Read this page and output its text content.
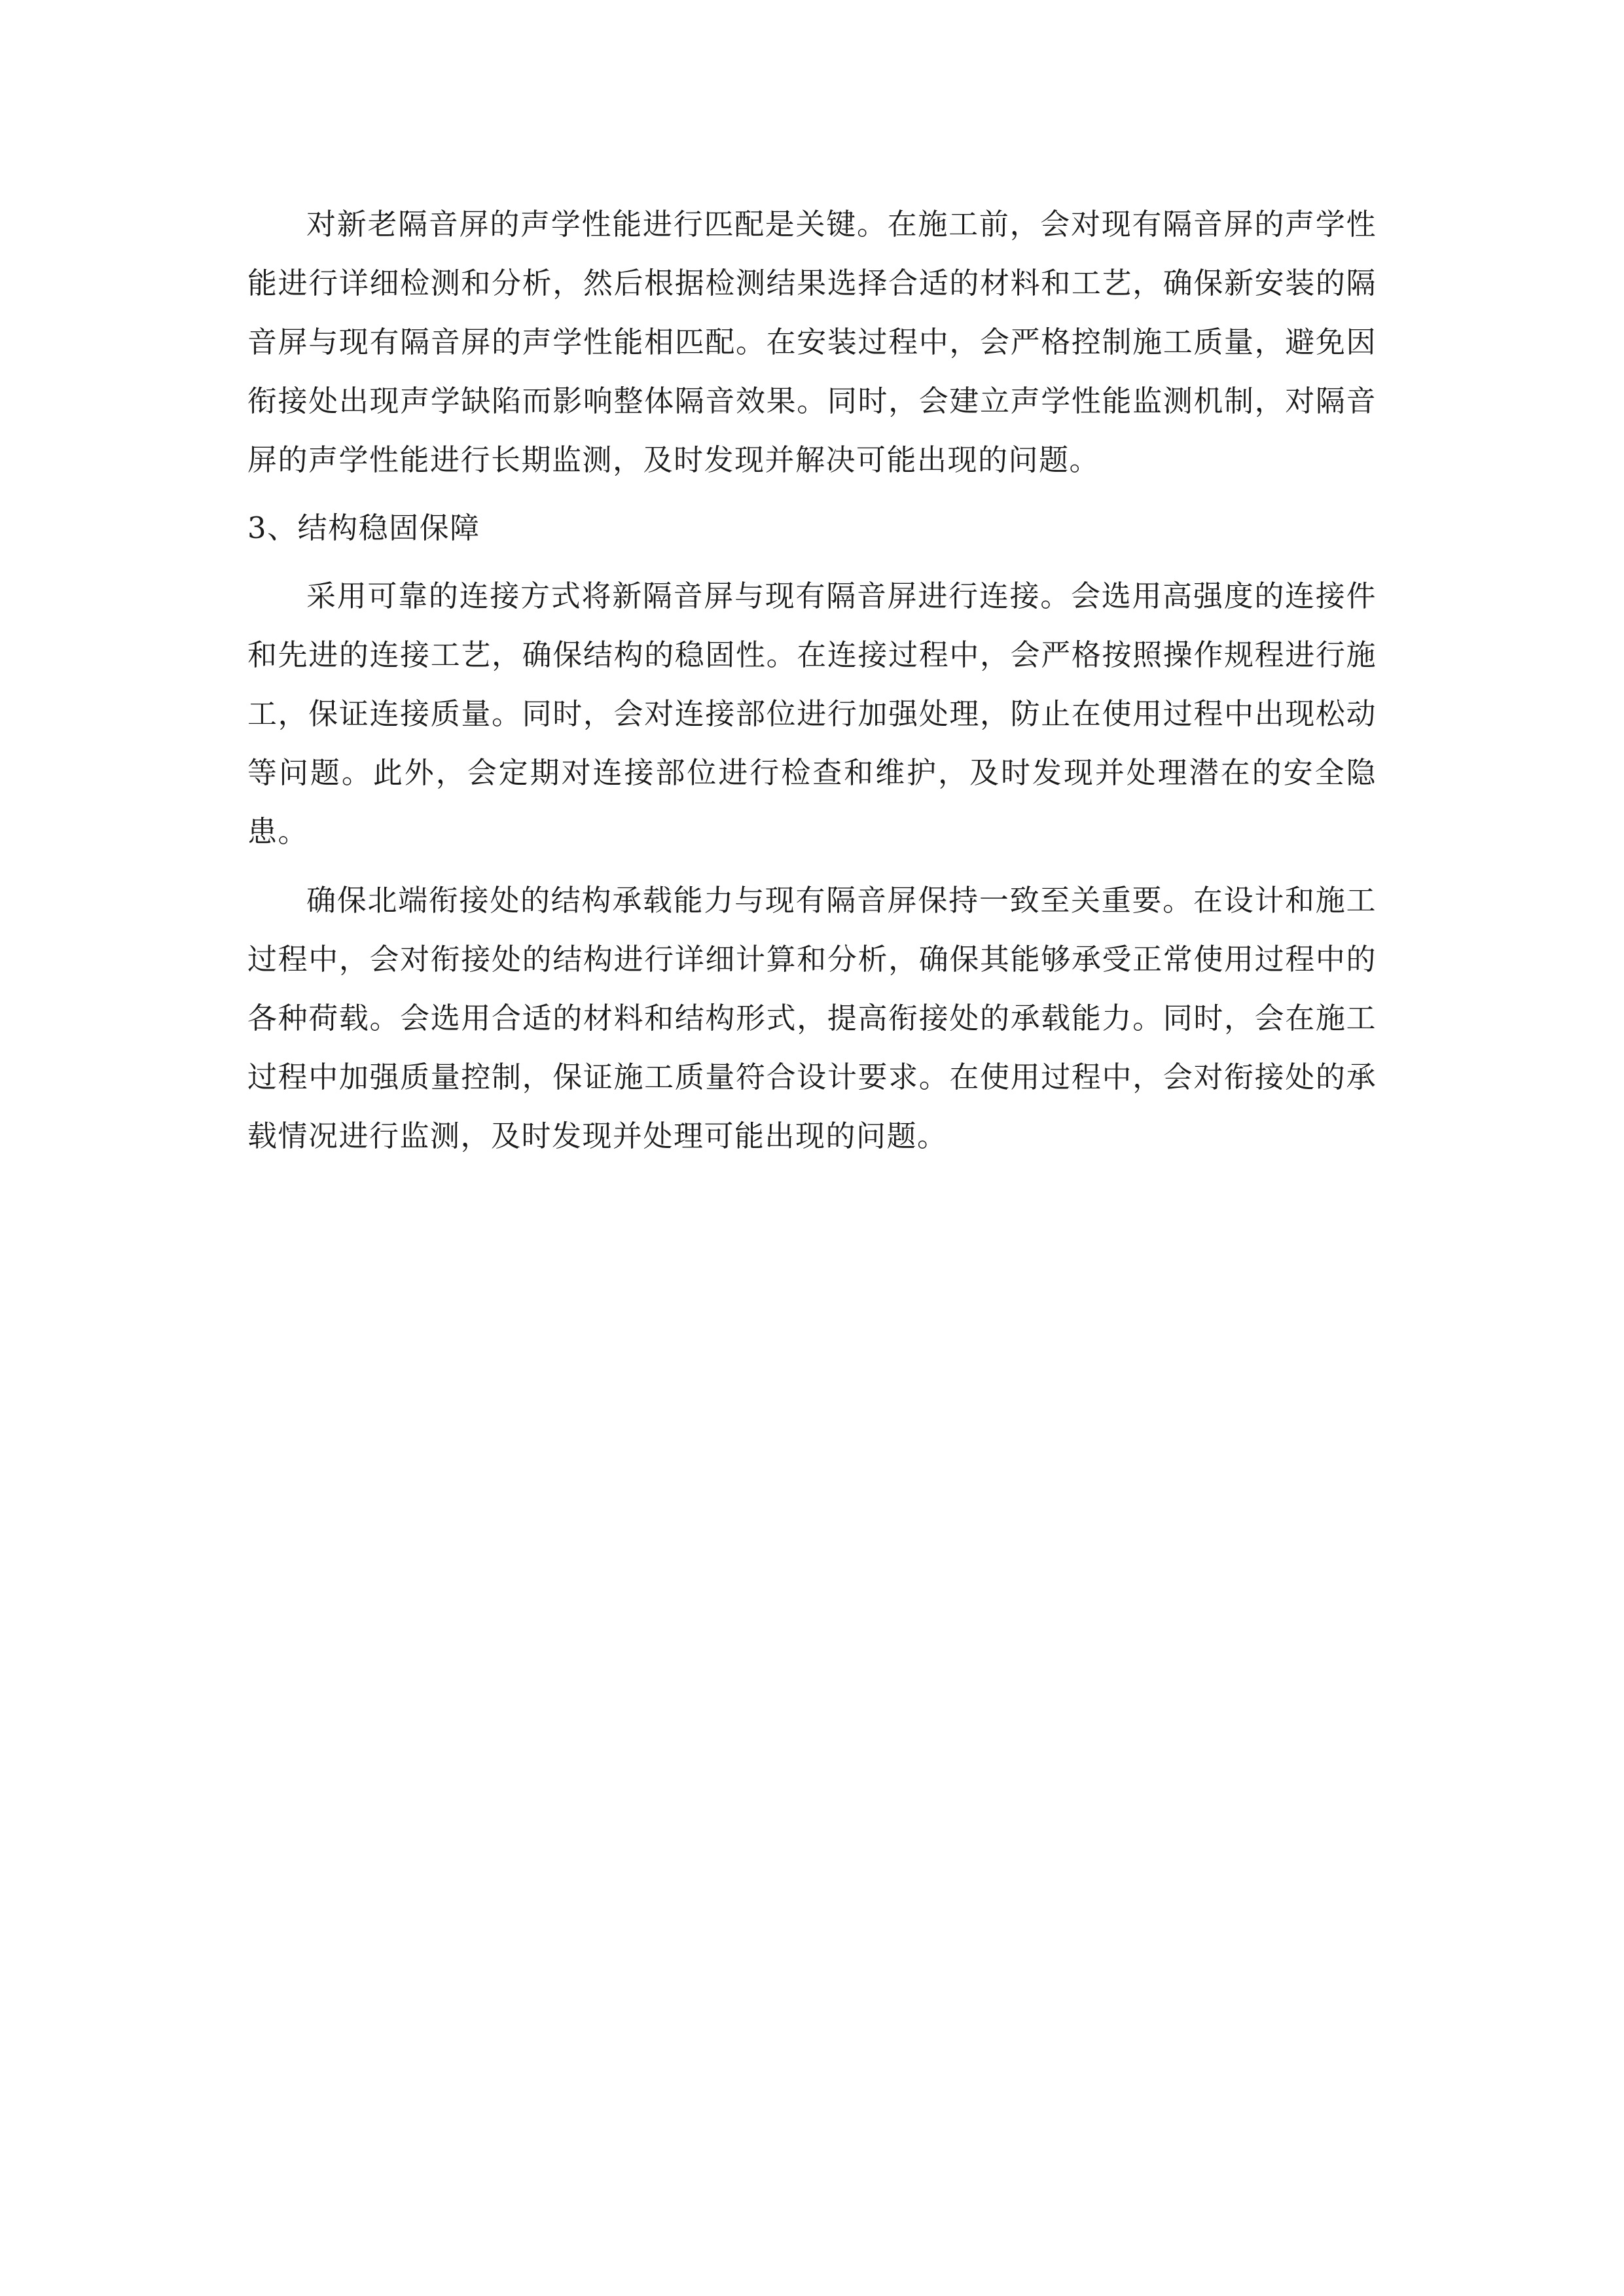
对新老隔音屏的声学性能进行匹配是关键。在施工前，会对现有隔音屏的声学性能进行详细检测和分析，然后根据检测结果选择合适的材料和工艺，确保新安装的隔音屏与现有隔音屏的声学性能相匹配。在安装过程中，会严格控制施工质量，避免因衔接处出现声学缺陷而影响整体隔音效果。同时，会建立声学性能监测机制，对隔音屏的声学性能进行长期监测，及时发现并解决可能出现的问题。

3、结构稳固保障

采用可靠的连接方式将新隔音屏与现有隔音屏进行连接。会选用高强度的连接件和先进的连接工艺，确保结构的稳固性。在连接过程中，会严格按照操作规程进行施工，保证连接质量。同时，会对连接部位进行加强处理，防止在使用过程中出现松动等问题。此外，会定期对连接部位进行检查和维护，及时发现并处理潜在的安全隐患。

确保北端衔接处的结构承载能力与现有隔音屏保持一致至关重要。在设计和施工过程中，会对衔接处的结构进行详细计算和分析，确保其能够承受正常使用过程中的各种荷载。会选用合适的材料和结构形式，提高衔接处的承载能力。同时，会在施工过程中加强质量控制，保证施工质量符合设计要求。在使用过程中，会对衔接处的承载情况进行监测，及时发现并处理可能出现的问题。
